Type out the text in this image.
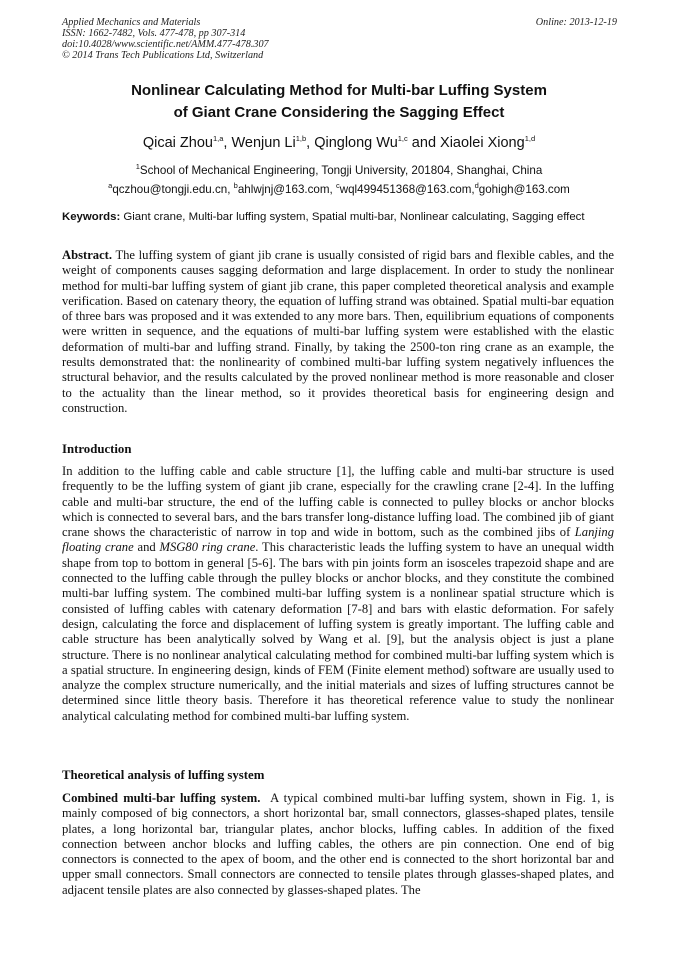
Applied Mechanics and Materials
ISSN: 1662-7482, Vols. 477-478, pp 307-314
doi:10.4028/www.scientific.net/AMM.477-478.307
© 2014 Trans Tech Publications Ltd, Switzerland
Online: 2013-12-19
Nonlinear Calculating Method for Multi-bar Luffing System
of Giant Crane Considering the Sagging Effect
Qicai Zhou$^{1,a}$, Wenjun Li$^{1,b}$, Qinglong Wu$^{1,c}$ and Xiaolei Xiong$^{1,d}$
$^1$School of Mechanical Engineering, Tongji University, 201804, Shanghai, China
$^a$qczhou@tongji.edu.cn, $^b$ahlwjnj@163.com, $^c$wql499451368@163.com,$^d$gohigh@163.com
Keywords: Giant crane, Multi-bar luffing system, Spatial multi-bar, Nonlinear calculating, Sagging effect
Abstract. The luffing system of giant jib crane is usually consisted of rigid bars and flexible cables, and the weight of components causes sagging deformation and large displacement. In order to study the nonlinear method for multi-bar luffing system of giant jib crane, this paper completed theoretical analysis and example verification. Based on catenary theory, the equation of luffing strand was obtained. Spatial multi-bar equation of three bars was proposed and it was extended to any more bars. Then, equilibrium equations of components were written in sequence, and the equations of multi-bar luffing system were established with the elastic deformation of multi-bar and luffing strand. Finally, by taking the 2500-ton ring crane as an example, the results demonstrated that: the nonlinearity of combined multi-bar luffing system negatively influences the structural behavior, and the results calculated by the proved nonlinear method is more reasonable and closer to the actuality than the linear method, so it provides theoretical basis for engineering design and construction.
Introduction
In addition to the luffing cable and cable structure [1], the luffing cable and multi-bar structure is used frequently to be the luffing system of giant jib crane, especially for the crawling crane [2-4]. In the luffing cable and multi-bar structure, the end of the luffing cable is connected to pulley blocks or anchor blocks which is connected to several bars, and the bars transfer long-distance luffing load. The combined jib of giant crane shows the characteristic of narrow in top and wide in bottom, such as the combined jibs of Lanjing floating crane and MSG80 ring crane. This characteristic leads the luffing system to have an unequal width shape from top to bottom in general [5-6]. The bars with pin joints form an isosceles trapezoid shape and are connected to the luffing cable through the pulley blocks or anchor blocks, and they constitute the combined multi-bar luffing system. The combined multi-bar luffing system is a nonlinear spatial structure which is consisted of luffing cables with catenary deformation [7-8] and bars with elastic deformation. For safely design, calculating the force and displacement of luffing system is greatly important. The luffing cable and cable structure has been analytically solved by Wang et al. [9], but the analysis object is just a plane structure. There is no nonlinear analytical calculating method for combined multi-bar luffing system which is a spatial structure. In engineering design, kinds of FEM (Finite element method) software are usually used to analyze the complex structure numerically, and the initial materials and sizes of luffing structures cannot be determined since little theory basis. Therefore it has theoretical reference value to study the nonlinear analytical calculating method for combined multi-bar luffing system.
Theoretical analysis of luffing system
Combined multi-bar luffing system. A typical combined multi-bar luffing system, shown in Fig. 1, is mainly composed of big connectors, a short horizontal bar, small connectors, glasses-shaped plates, tensile plates, a long horizontal bar, triangular plates, anchor blocks, luffing cables. In addition of the fixed connection between anchor blocks and luffing cables, the others are pin connection. One end of big connectors is connected to the apex of boom, and the other end is connected to the short horizontal bar and upper small connectors. Small connectors are connected to tensile plates through glasses-shaped plates, and adjacent tensile plates are also connected by glasses-shaped plates. The
